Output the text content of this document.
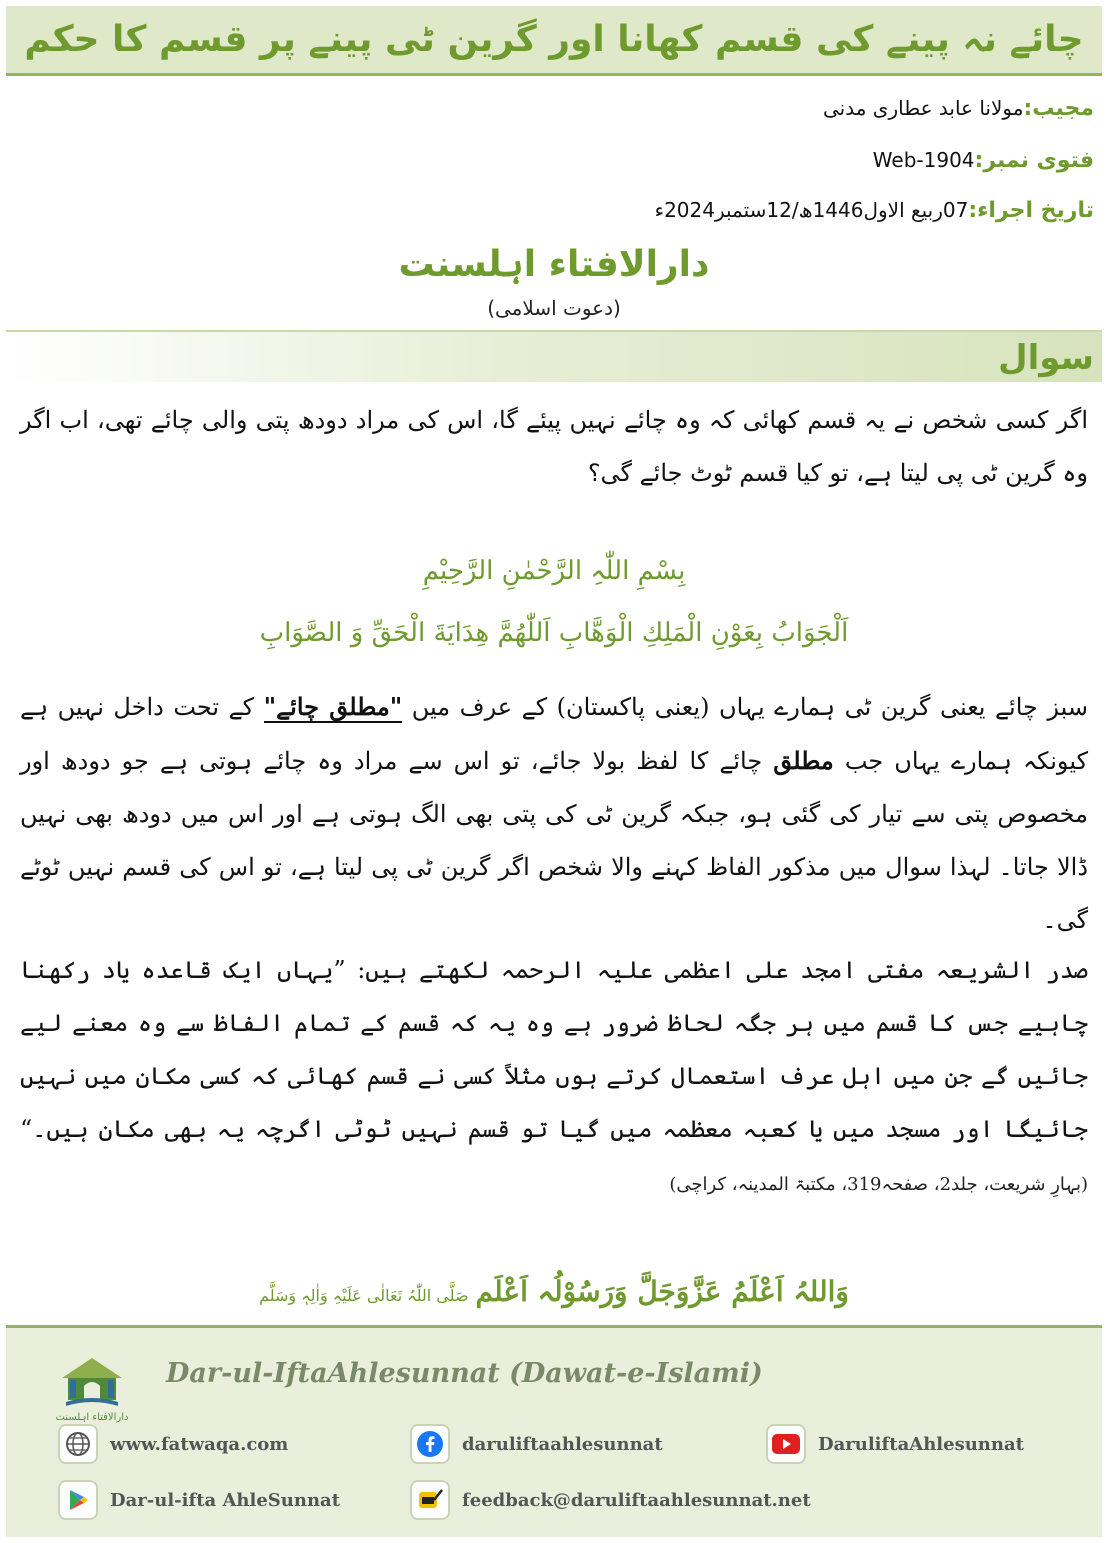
چائے نہ پینے کی قسم کھانا اور گرین ٹی پینے پر قسم کا حکم
مجیب:مولانا عابد عطاری مدنی
فتوی نمبر:Web-1904
تاریخ اجراء:07ربیع الاول1446ھ/12ستمبر2024ء
دارالافتاء اہلسنت
(دعوت اسلامی)
سوال
اگر کسی شخص نے یہ قسم کھائی کہ وہ چائے نہیں پیئے گا، اس کی مراد دودھ پتی والی چائے تھی، اب اگر وہ گرین ٹی پی لیتا ہے، تو کیا قسم ٹوٹ جائے گی؟
بِسْمِ اللّٰہِ الرَّحْمٰنِ الرَّحِیْمِ
اَلْجَوَابُ بِعَوْنِ الْمَلِكِ الْوَهَّابِ اَللّٰهُمَّ هِدَايَةَ الْحَقِّ وَ الصَّوَابِ
سبز چائے یعنی گرین ٹی ہمارے یہاں (یعنی پاکستان) کے عرف میں "مطلق چائے" کے تحت داخل نہیں ہے کیونکہ ہمارے یہاں جب مطلق چائے کا لفظ بولا جائے، تو اس سے مراد وہ چائے ہوتی ہے جو دودھ اور مخصوص پتی سے تیار کی گئی ہو، جبکہ گرین ٹی کی پتی بھی الگ ہوتی ہے اور اس میں دودھ بھی نہیں ڈالا جاتا۔ لہذا سوال میں مذکور الفاظ کہنے والا شخص اگر گرین ٹی پی لیتا ہے، تو اس کی قسم نہیں ٹوٹے گی۔
صدر الشریعہ مفتی امجد علی اعظمی علیہ الرحمہ لکھتے ہیں: ”یہاں ایک قاعدہ یاد رکھنا چاہیے جس کا قسم میں ہر جگہ لحاظ ضرور ہے وہ یہ کہ قسم کے تمام الفاظ سے وہ معنے لیے جائیں گے جن میں اہل عرف استعمال کرتے ہوں مثلاً کسی نے قسم کھائی کہ کسی مکان میں نہیں جائیگا اور مسجد میں یا کعبہ معظمہ میں گیا تو قسم نہیں ٹوٹی اگرچہ یہ بھی مکان ہیں۔“ (بہارِ شریعت، جلد2، صفحہ319، مکتبۃ المدینہ، کراچی)
وَاللہُ اَعْلَمُ عَزَّوَجَلَّ وَرَسُوْلُہ اَعْلَم صَلَّی اللّٰہُ تَعَالٰی عَلَیْہِ وَاٰلِہٖ وَسَلَّم
دارالافتاء اہلسنت
Dar-ul-IftaAhlesunnat (Dawat-e-Islami)
www.fatwaqa.com	daruliftaahlesunnat	DaruliftaAhlesunnat
Dar-ul-ifta AhleSunnat	feedback@daruliftaahlesunnat.net
